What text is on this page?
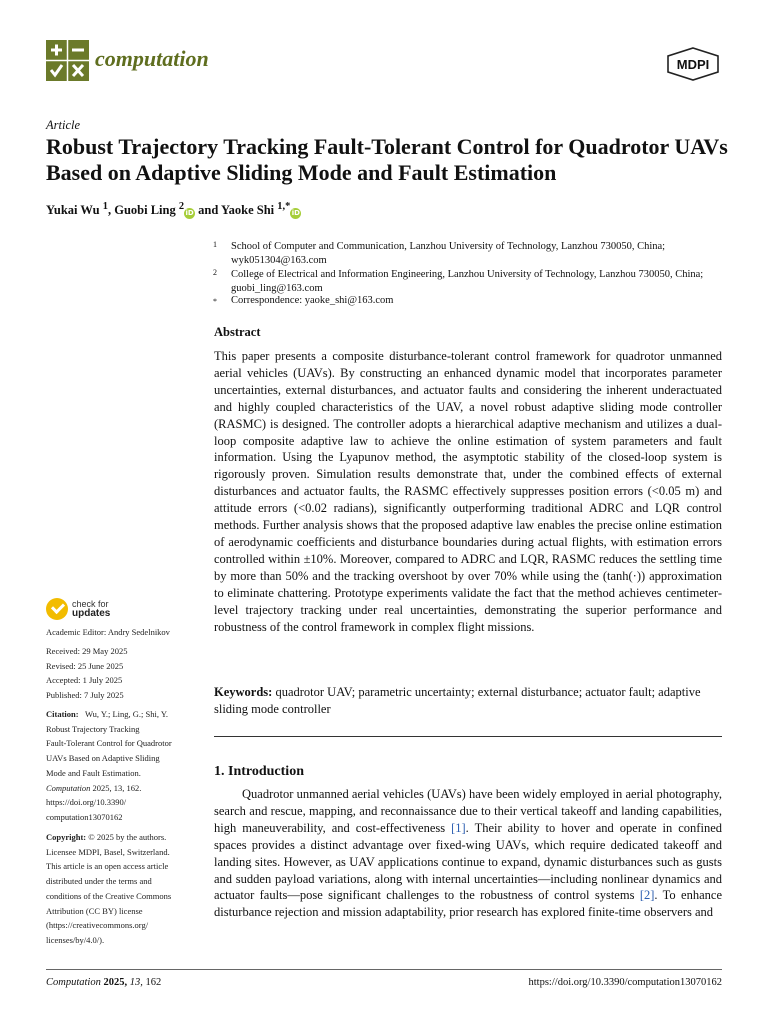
computation	MDPI
Article
Robust Trajectory Tracking Fault-Tolerant Control for Quadrotor UAVs Based on Adaptive Sliding Mode and Fault Estimation
Yukai Wu $^1$, Guobi Ling $^2$iD and Yaoke Shi $^{1,*}$iD
1 School of Computer and Communication, Lanzhou University of Technology, Lanzhou 730050, China; wyk051304@163.com
2 College of Electrical and Information Engineering, Lanzhou University of Technology, Lanzhou 730050, China; guobi_ling@163.com
* Correspondence: yaoke_shi@163.com
Abstract
This paper presents a composite disturbance-tolerant control framework for quadrotor unmanned aerial vehicles (UAVs). By constructing an enhanced dynamic model that incorporates parameter uncertainties, external disturbances, and actuator faults and considering the inherent underactuated and highly coupled characteristics of the UAV, a novel robust adaptive sliding mode controller (RASMC) is designed. The controller adopts a hierarchical adaptive mechanism and utilizes a dual-loop composite adaptive law to achieve the online estimation of system parameters and fault information. Using the Lyapunov method, the asymptotic stability of the closed-loop system is rigorously proven. Simulation results demonstrate that, under the combined effects of external disturbances and actuator faults, the RASMC effectively suppresses position errors (<0.05 m) and attitude errors (<0.02 radians), significantly outperforming traditional ADRC and LQR control methods. Further analysis shows that the proposed adaptive law enables the precise online estimation of aerodynamic coefficients and disturbance boundaries during actual flights, with estimation errors controlled within ±10%. Moreover, compared to ADRC and LQR, RASMC reduces the settling time by more than 50% and the tracking overshoot by over 70% while using the (tanh(·)) approximation to eliminate chattering. Prototype experiments validate the fact that the method achieves centimeter-level trajectory tracking under real uncertainties, demonstrating the superior performance and robustness of the control framework in complex flight missions.
Keywords: quadrotor UAV; parametric uncertainty; external disturbance; actuator fault; adaptive sliding mode controller
1. Introduction
Quadrotor unmanned aerial vehicles (UAVs) have been widely employed in aerial photography, search and rescue, mapping, and reconnaissance due to their vertical takeoff and landing capabilities, high maneuverability, and cost-effectiveness [1]. Their ability to hover and operate in confined spaces provides a distinct advantage over fixed-wing UAVs, which require dedicated takeoff and landing sites. However, as UAV applications continue to expand, dynamic disturbances such as gusts and sudden payload variations, along with internal uncertainties—including nonlinear dynamics and actuator faults—pose significant challenges to the robustness of control systems [2]. To enhance disturbance rejection and mission adaptability, prior research has explored finite-time observers and
check for
updates
Academic Editor: Andry Sedelnikov
Received: 29 May 2025
Revised: 25 June 2025
Accepted: 1 July 2025
Published: 7 July 2025
Citation: Wu, Y.; Ling, G.; Shi, Y.
Robust Trajectory Tracking
Fault-Tolerant Control for Quadrotor
UAVs Based on Adaptive Sliding
Mode and Fault Estimation.
Computation 2025, 13, 162.
https://doi.org/10.3390/
computation13070162
Copyright: © 2025 by the authors.
Licensee MDPI, Basel, Switzerland.
This article is an open access article
distributed under the terms and
conditions of the Creative Commons
Attribution (CC BY) license
(https://creativecommons.org/
licenses/by/4.0/).
Computation 2025, 13, 162	https://doi.org/10.3390/computation13070162
